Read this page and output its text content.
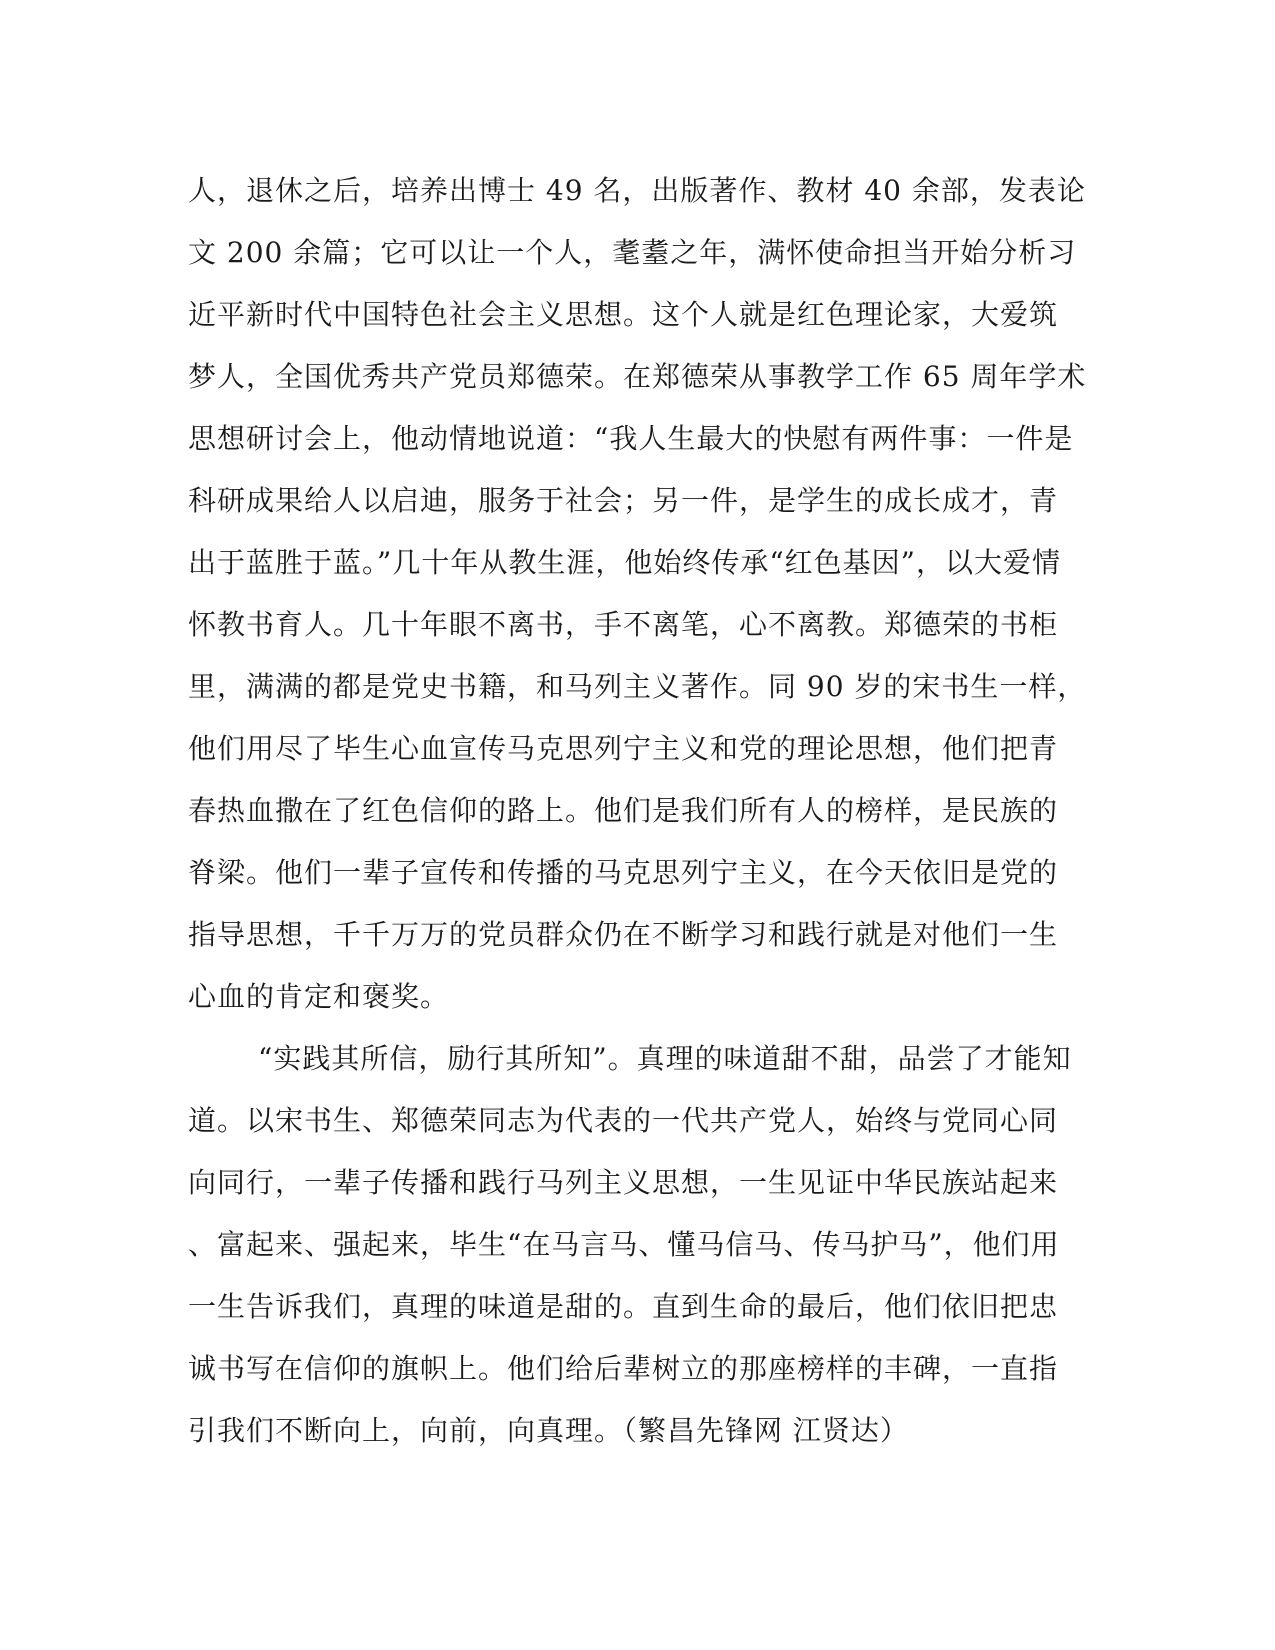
人，退休之后，培养出博士 49 名，出版著作、教材 40 余部，发表论
文 200 余篇；它可以让一个人，耄耋之年，满怀使命担当开始分析习
近平新时代中国特色社会主义思想。这个人就是红色理论家，大爱筑
梦人，全国优秀共产党员郑德荣。在郑德荣从事教学工作 65 周年学术
思想研讨会上，他动情地说道：“我人生最大的快慰有两件事：一件是
科研成果给人以启迪，服务于社会；另一件，是学生的成长成才，青
出于蓝胜于蓝。”几十年从教生涯，他始终传承“红色基因”，以大爱情
怀教书育人。几十年眼不离书，手不离笔，心不离教。郑德荣的书柜
里，满满的都是党史书籍，和马列主义著作。同 90 岁的宋书生一样，
他们用尽了毕生心血宣传马克思列宁主义和党的理论思想，他们把青
春热血撒在了红色信仰的路上。他们是我们所有人的榜样，是民族的
脊梁。他们一辈子宣传和传播的马克思列宁主义，在今天依旧是党的
指导思想，千千万万的党员群众仍在不断学习和践行就是对他们一生
心血的肯定和褒奖。
“实践其所信，励行其所知”。真理的味道甜不甜，品尝了才能知
道。以宋书生、郑德荣同志为代表的一代共产党人，始终与党同心同
向同行，一辈子传播和践行马列主义思想，一生见证中华民族站起来
、富起来、强起来，毕生“在马言马、懂马信马、传马护马”，他们用
一生告诉我们，真理的味道是甜的。直到生命的最后，他们依旧把忠
诚书写在信仰的旗帜上。他们给后辈树立的那座榜样的丰碑，一直指
引我们不断向上，向前，向真理。（繁昌先锋网 江贤达）
